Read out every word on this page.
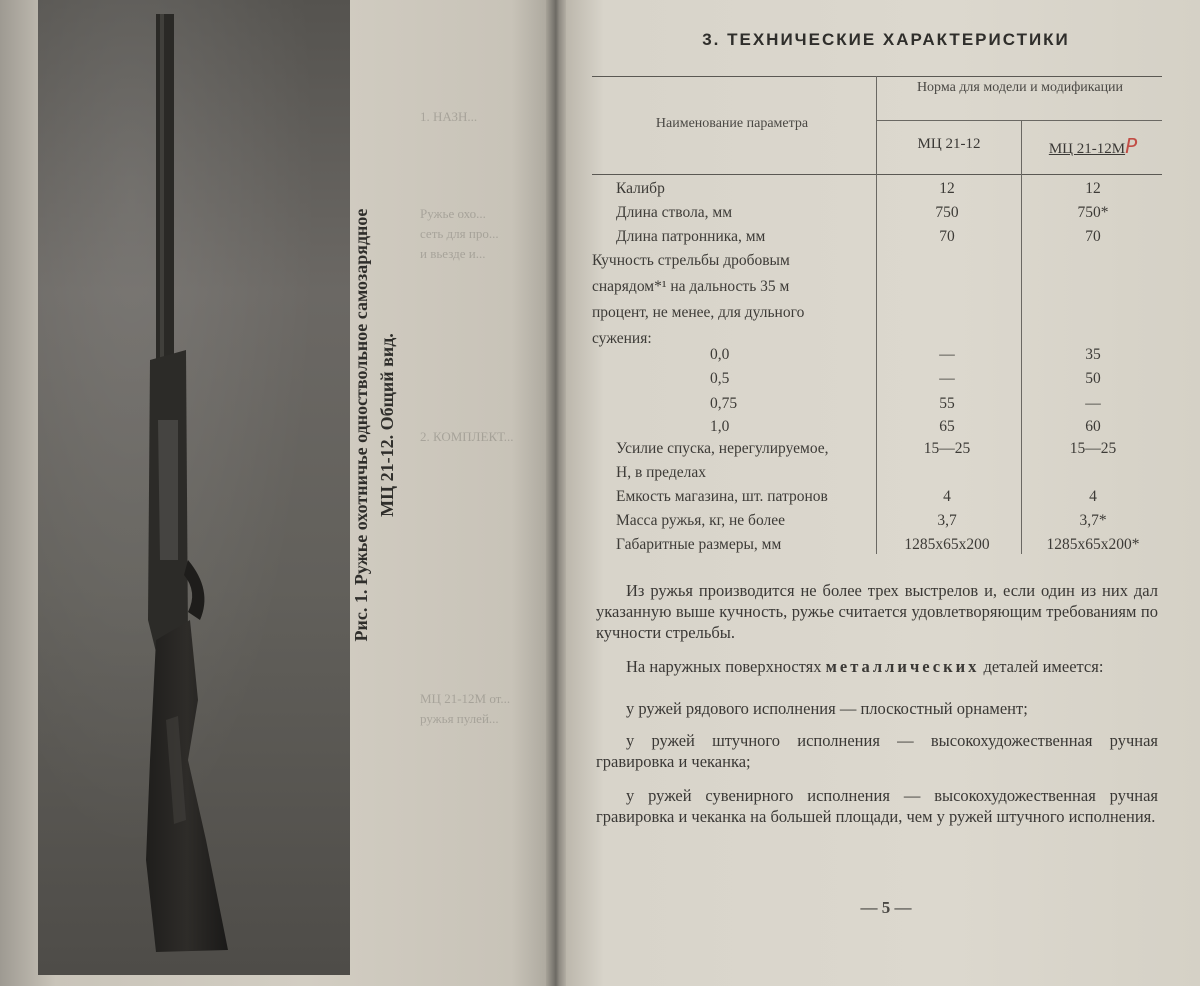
Рис. 1. Ружье охотничье одноствольное самозарядное МЦ 21-12. Общий вид.
1. НАЗН...
Ружье охо...
сеть для про...
и вьезде и...
2. КОМПЛЕКТ...
МЦ 21-12М от...
ружья пулей...
3. ТЕХНИЧЕСКИЕ ХАРАКТЕРИСТИКИ
Наименование параметра
Норма для модели и модификации
МЦ 21-12	МЦ 21-12МР
Калибр	12	12
Длина ствола, мм	750	750*
Длина патронника, мм	70	70
Кучность стрельбы дробовым
снарядом*¹ на дальность 35 м
процент, не менее, для дульного
сужения:
0,0	—	35
0,5	—	50
0,75	55	—
1,0	65	60
Усилие спуска, нерегулируемое,	15—25	15—25
Н, в пределах
Емкость магазина, шт. патронов	4	4
Масса ружья, кг, не более	3,7	3,7*
Габаритные размеры, мм	1285х65х200	1285х65х200*
Из ружья производится не более трех выстрелов и, если один из них дал указанную выше кучность, ружье считается удовлетворяющим требованиям по кучности стрельбы.
На наружных поверхностях металлических деталей имеется:
у ружей рядового исполнения — плоскостный орнамент;
у ружей штучного исполнения — высокохудожественная ручная гравировка и чеканка;
у ружей сувенирного исполнения — высокохудожественная ручная гравировка и чеканка на большей площади, чем у ружей штучного исполнения.
— 5 —
